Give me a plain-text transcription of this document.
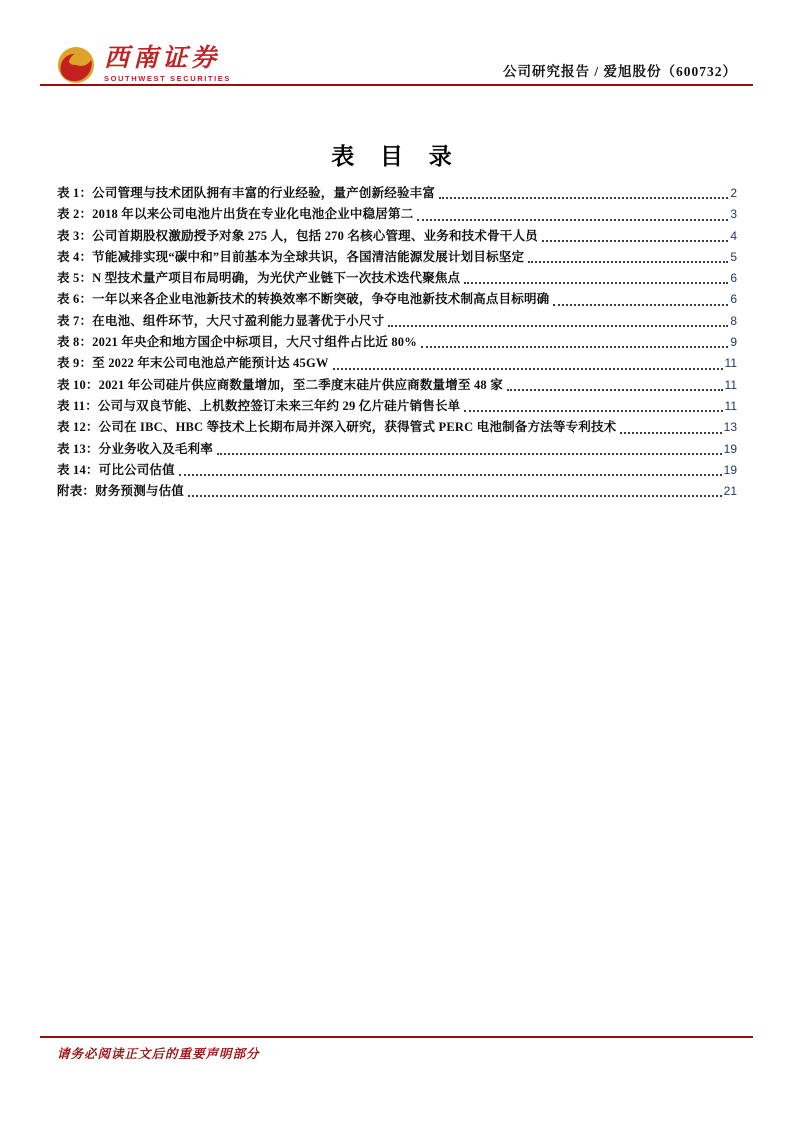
西南证券
SOUTHWEST SECURITIES	公司研究报告 / 爱旭股份（600732）
表 目 录
表 1：公司管理与技术团队拥有丰富的行业经验，量产创新经验丰富	2
表 2：2018 年以来公司电池片出货在专业化电池企业中稳居第二	3
表 3：公司首期股权激励授予对象 275 人，包括 270 名核心管理、业务和技术骨干人员	4
表 4：节能减排实现“碳中和”目前基本为全球共识，各国清洁能源发展计划目标坚定	5
表 5：N 型技术量产项目布局明确，为光伏产业链下一次技术迭代聚焦点	6
表 6：一年以来各企业电池新技术的转换效率不断突破，争夺电池新技术制高点目标明确	6
表 7：在电池、组件环节，大尺寸盈利能力显著优于小尺寸	8
表 8：2021 年央企和地方国企中标项目，大尺寸组件占比近 80%	9
表 9：至 2022 年末公司电池总产能预计达 45GW	11
表 10：2021 年公司硅片供应商数量增加，至二季度末硅片供应商数量增至 48 家	11
表 11：公司与双良节能、上机数控签订未来三年约 29 亿片硅片销售长单	11
表 12：公司在 IBC、HBC 等技术上长期布局并深入研究，获得管式 PERC 电池制备方法等专利技术	13
表 13：分业务收入及毛利率	19
表 14：可比公司估值	19
附表：财务预测与估值	21
请务必阅读正文后的重要声明部分
